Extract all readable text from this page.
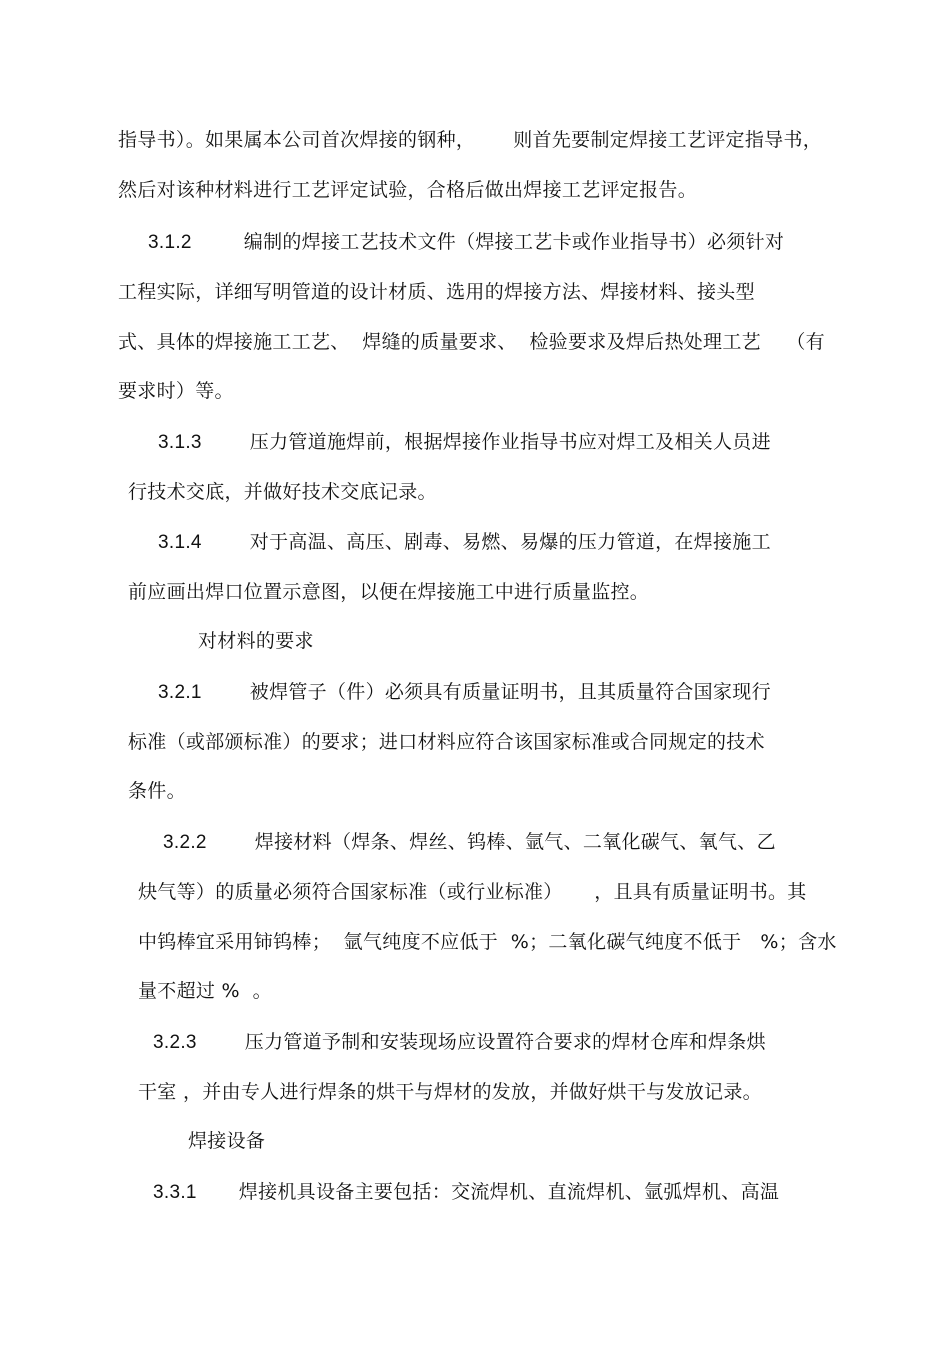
指导书）。如果属本公司首次焊接的钢种，      则首先要制定焊接工艺评定指导书，
然后对该种材料进行工艺评定试验，合格后做出焊接工艺评定报告。
3.1.2	编制的焊接工艺技术文件（焊接工艺卡或作业指导书）必须针对
工程实际，详细写明管道的设计材质、选用的焊接方法、焊接材料、接头型
式、具体的焊接施工工艺、  焊缝的质量要求、  检验要求及焊后热处理工艺    （有
要求时）等。
3.1.3	压力管道施焊前，根据焊接作业指导书应对焊工及相关人员进
行技术交底，并做好技术交底记录。
3.1.4	对于高温、高压、剧毒、易燃、易爆的压力管道，在焊接施工
前应画出焊口位置示意图，以便在焊接施工中进行质量监控。
对材料的要求
3.2.1	被焊管子（件）必须具有质量证明书，且其质量符合国家现行
标准（或部颁标准）的要求；进口材料应符合该国家标准或合同规定的技术
条件。
3.2.2	焊接材料（焊条、焊丝、钨棒、氩气、二氧化碳气、氧气、乙
炔气等）的质量必须符合国家标准（或行业标准）     ，且具有质量证明书。其
中钨棒宜采用铈钨棒；  氩气纯度不应低于  %；二氧化碳气纯度不低于   %；含水
量不超过 %  。
3.2.3	压力管道予制和安装现场应设置符合要求的焊材仓库和焊条烘
干室 ，并由专人进行焊条的烘干与焊材的发放，并做好烘干与发放记录。
焊接设备
3.3.1 焊接机具设备主要包括：交流焊机、直流焊机、氩弧焊机、高温
